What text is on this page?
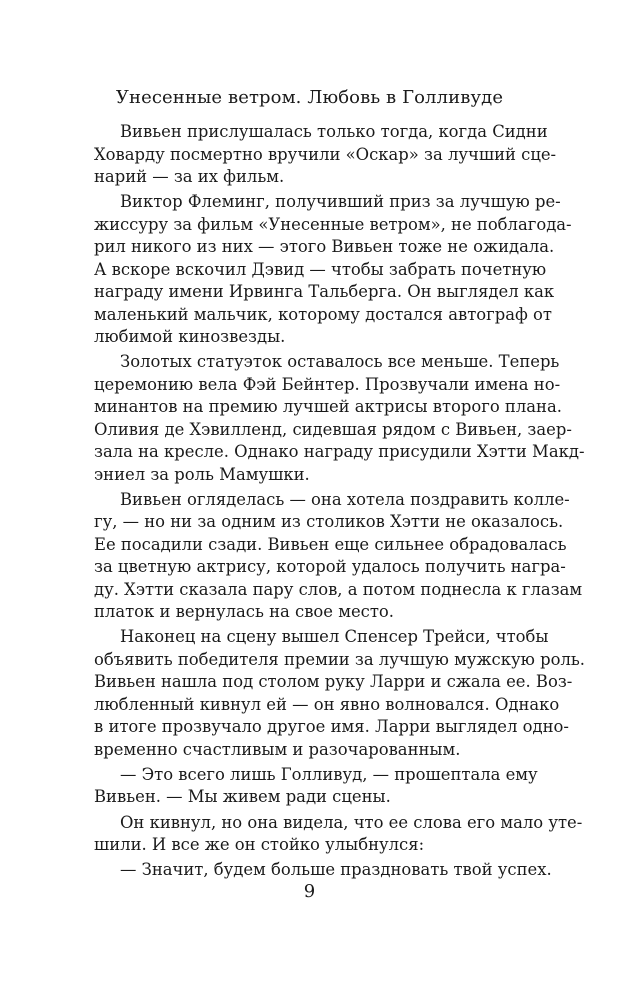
Унесенные ветром. Любовь в Голливуде
Вивьен прислушалась только тогда, когда Сидни
Ховарду посмертно вручили «Оскар» за лучший сце-
нарий — за их фильм.
Виктор Флеминг, получивший приз за лучшую ре-
жиссуру за фильм «Унесенные ветром», не поблагода-
рил никого из них — этого Вивьен тоже не ожидала.
А вскоре вскочил Дэвид — чтобы забрать почетную
награду имени Ирвинга Тальберга. Он выглядел как
маленький мальчик, которому достался автограф от
любимой кинозвезды.
Золотых статуэток оставалось все меньше. Теперь
церемонию вела Фэй Бейнтер. Прозвучали имена но-
минантов на премию лучшей актрисы второго плана.
Оливия де Хэвилленд, сидевшая рядом с Вивьен, заер-
зала на кресле. Однако награду присудили Хэтти Макд-
эниел за роль Мамушки.
Вивьен огляделась — она хотела поздравить колле-
гу, — но ни за одним из столиков Хэтти не оказалось.
Ее посадили сзади. Вивьен еще сильнее обрадовалась
за цветную актрису, которой удалось получить награ-
ду. Хэтти сказала пару слов, а потом поднесла к глазам
платок и вернулась на свое место.
Наконец на сцену вышел Спенсер Трейси, чтобы
объявить победителя премии за лучшую мужскую роль.
Вивьен нашла под столом руку Ларри и сжала ее. Воз-
любленный кивнул ей — он явно волновался. Однако
в итоге прозвучало другое имя. Ларри выглядел одно-
временно счастливым и разочарованным.
— Это всего лишь Голливуд, — прошептала ему
Вивьен. — Мы живем ради сцены.
Он кивнул, но она видела, что ее слова его мало уте-
шили. И все же он стойко улыбнулся:
— Значит, будем больше праздновать твой успех.
9
